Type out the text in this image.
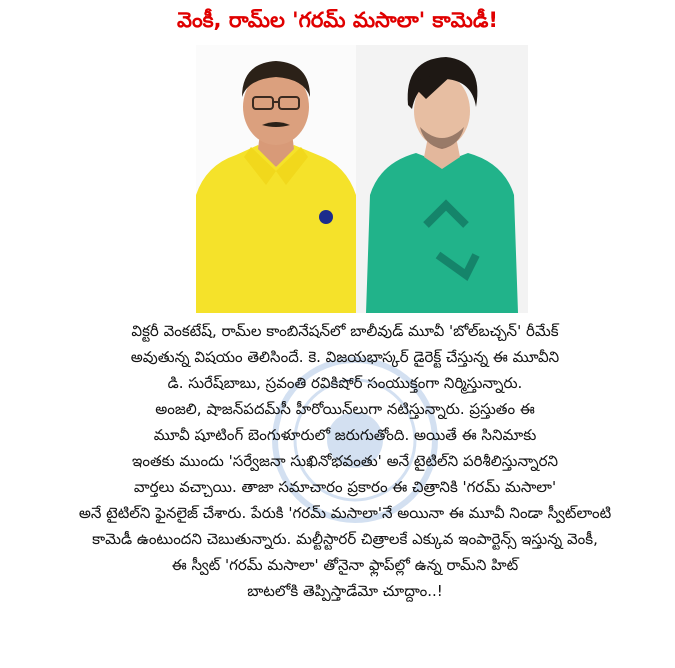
వెంకీ, రామ్‌ల 'గరమ్ మసాలా' కామెడీ!
విక్టరీ వెంకటేష్, రామ్‌ల కాంబినేషన్‌లో బాలీవుడ్ మూవీ 'బోల్‌బచ్చన్' రీమేక్
అవుతున్న విషయం తెలిసిందే. కె. విజయభాస్కర్ డైరెక్ట్ చేస్తున్న ఈ మూవీని
డి. సురేష్‌బాబు, స్రవంతి రవికిషోర్ సంయుక్తంగా నిర్మిస్తున్నారు.
అంజలి, షాజన్‌పదమ్‌సీ హీరోయిన్‌లుగా నటిస్తున్నారు. ప్రస్తుతం ఈ
మూవీ షూటింగ్ బెంగుళూరులో జరుగుతోంది. అయితే ఈ సినిమాకు
ఇంతకు ముందు 'సర్వేజనా సుఖినోభవంతు' అనే టైటిల్‌ని పరిశీలిస్తున్నారని
వార్తలు వచ్చాయి. తాజా సమాచారం ప్రకారం ఈ చిత్రానికి 'గరమ్ మసాలా'
అనే టైటిల్‌ని ఫైనలైజ్ చేశారు. పేరుకి 'గరమ్ మసాలా'నే అయినా ఈ మూవీ నిండా స్వీట్‌లాంటి
కామెడీ ఉంటుందని చెబుతున్నారు. మల్టీస్టారర్ చిత్రాలకే ఎక్కువ ఇంపార్టెన్స్ ఇస్తున్న వెంకీ,
ఈ స్వీట్ 'గరమ్ మసాలా' తోనైనా ఫ్లాప్‌ల్లో ఉన్న రామ్‌ని హిట్
బాటలోకి తెప్పిస్తాడేమో చూద్దాం..!
